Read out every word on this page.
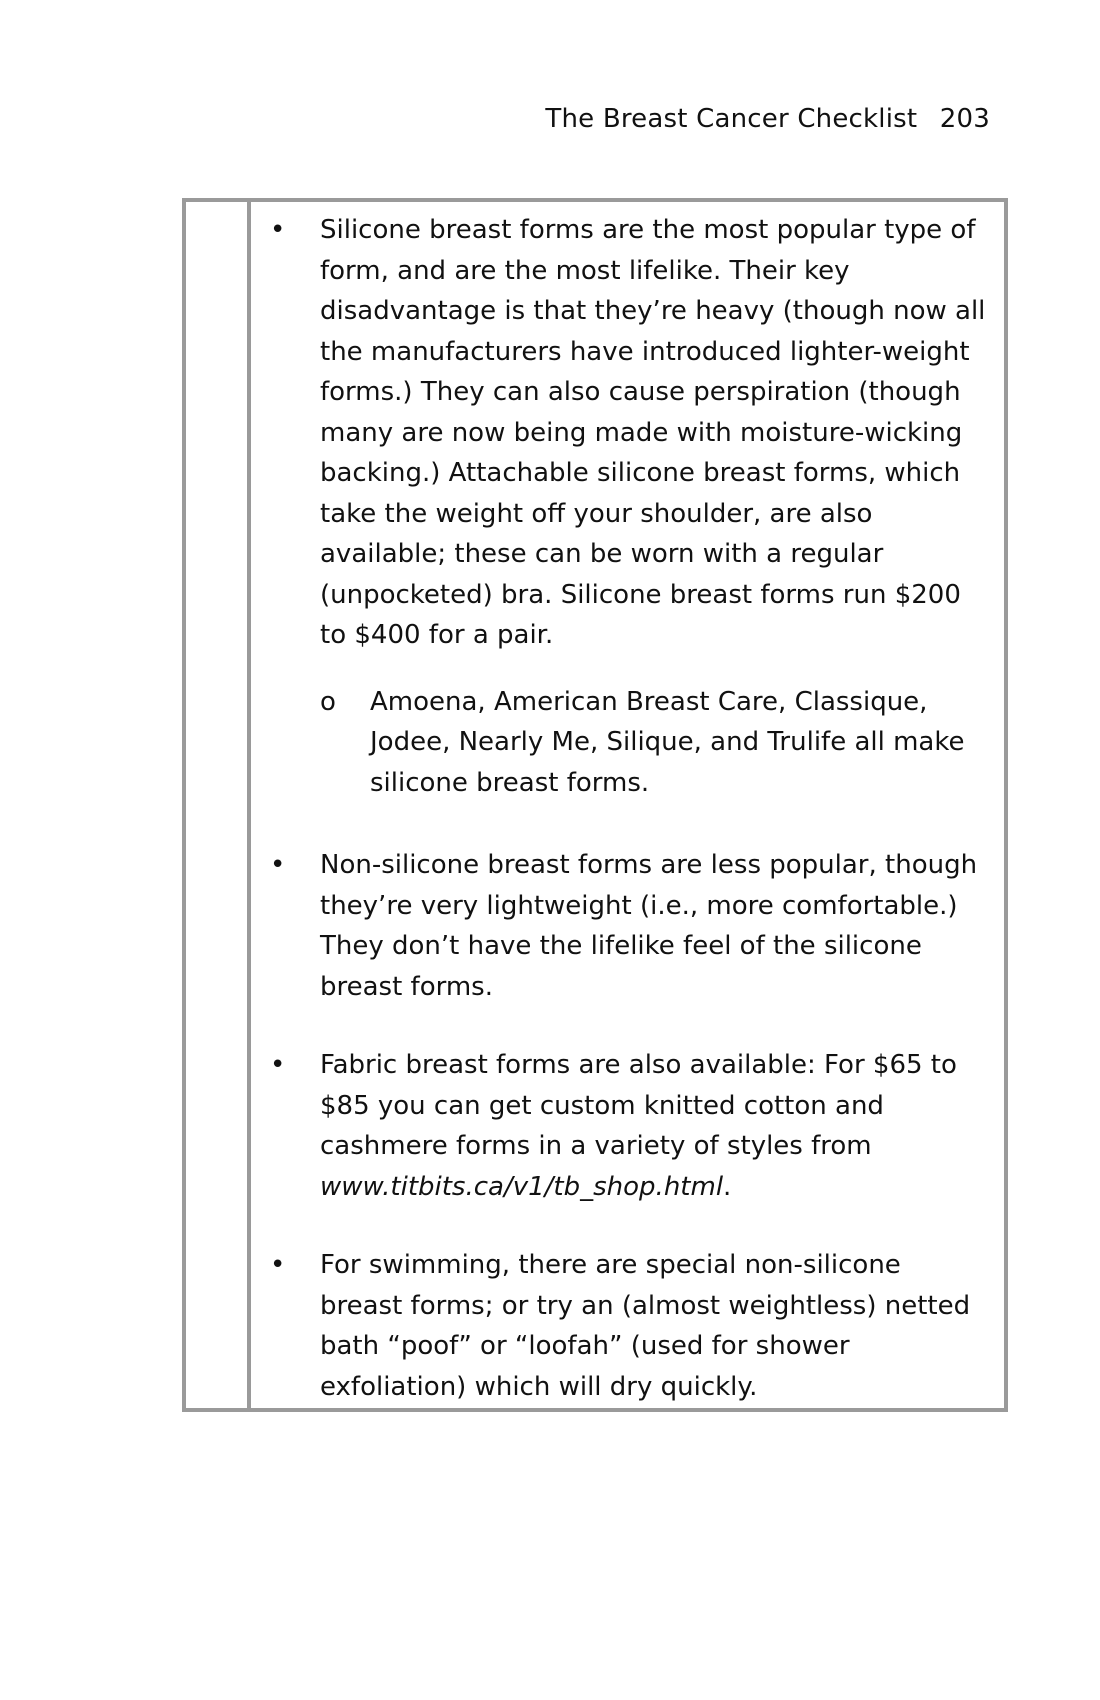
The Breast Cancer Checklist 203
• Silicone breast forms are the most popular type of form, and are the most lifelike. Their key disadvantage is that they’re heavy (though now all the manufacturers have introduced lighter-weight forms.) They can also cause perspiration (though many are now being made with moisture-wicking backing.) Attachable silicone breast forms, which take the weight off your shoulder, are also available; these can be worn with a regular (unpocketed) bra. Silicone breast forms run $200 to $400 for a pair.
o Amoena, American Breast Care, Classique, Jodee, Nearly Me, Silique, and Trulife all make silicone breast forms.
• Non-silicone breast forms are less popular, though they’re very lightweight (i.e., more comfortable.) They don’t have the lifelike feel of the silicone breast forms.
• Fabric breast forms are also available: For $65 to $85 you can get custom knitted cotton and cashmere forms in a variety of styles from www.titbits.ca/v1/tb_shop.html.
• For swimming, there are special non-silicone breast forms; or try an (almost weightless) netted bath “poof” or “loofah” (used for shower exfoliation) which will dry quickly.
